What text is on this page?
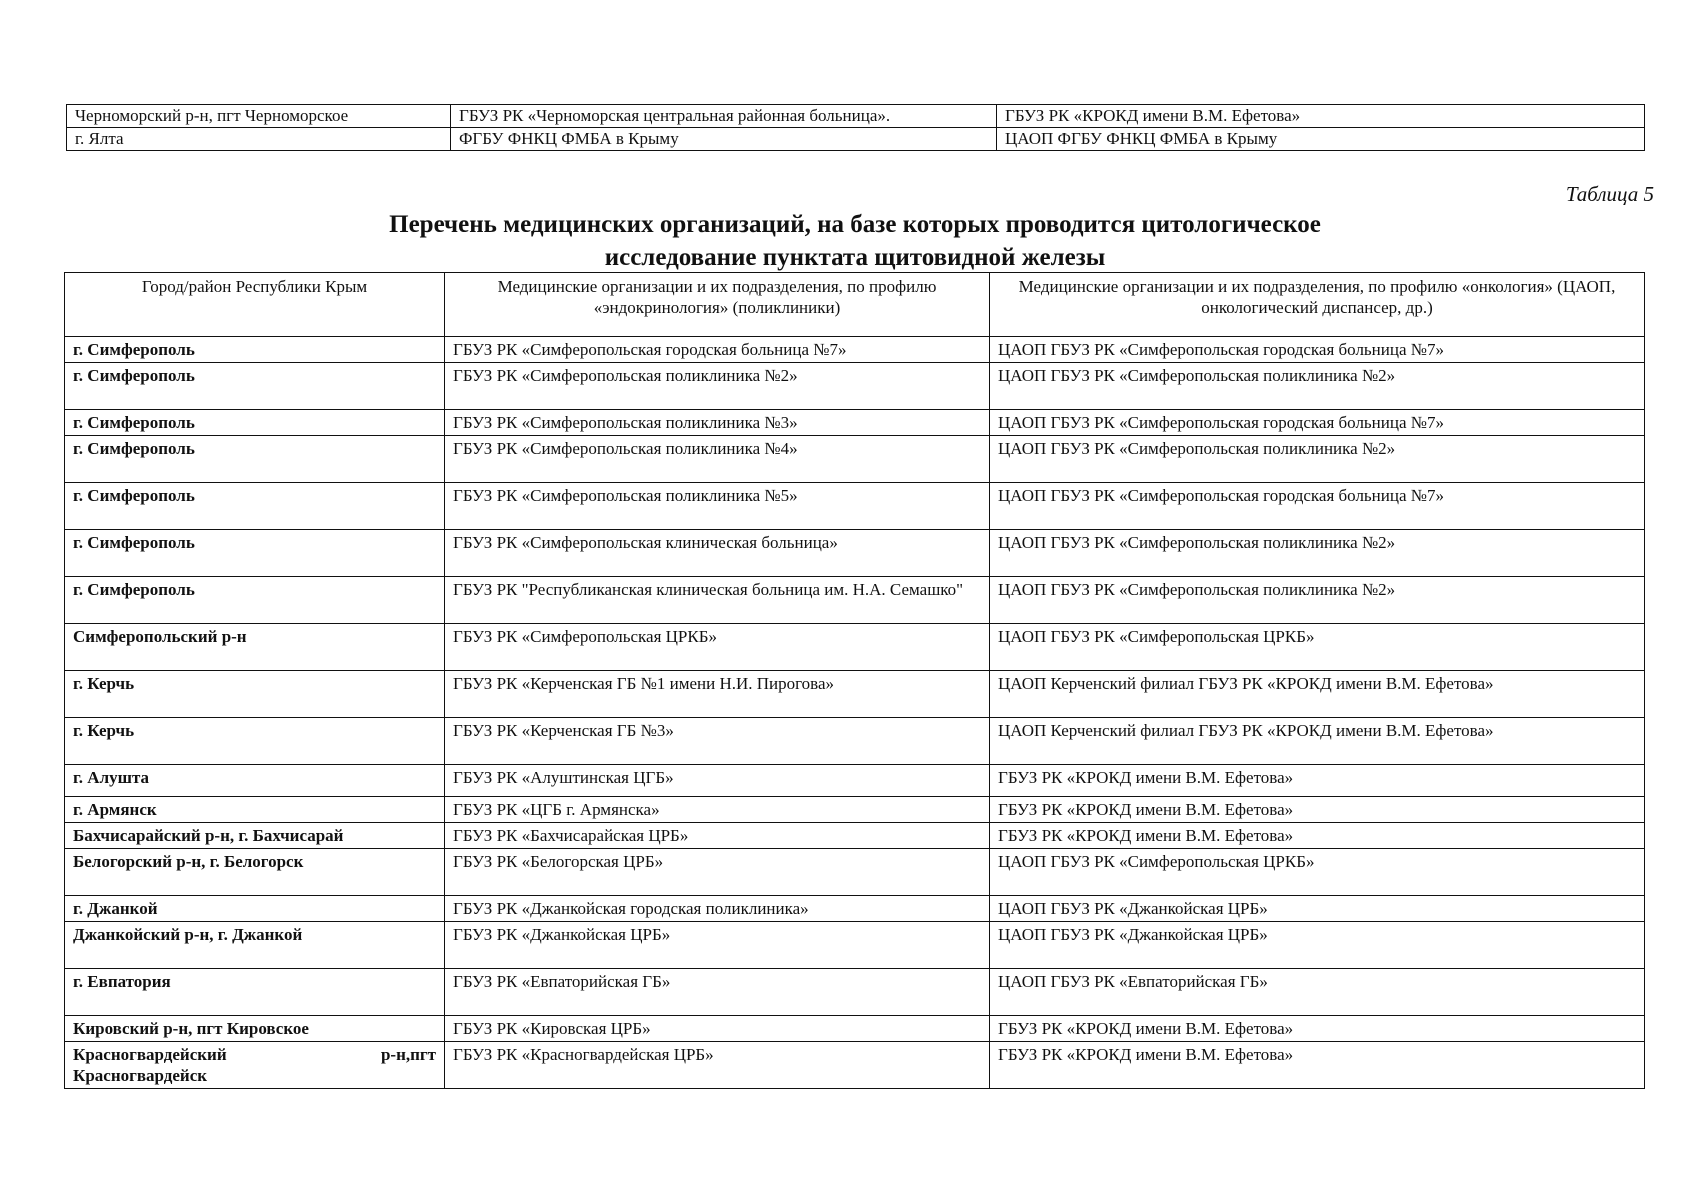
Черноморский р-н, пгт Черноморское	ГБУЗ РК «Черноморская центральная районная больница».	ГБУЗ РК «КРОКД имени В.М. Ефетова»
г. Ялта	ФГБУ ФНКЦ ФМБА в Крыму	ЦАОП ФГБУ ФНКЦ ФМБА в Крыму
Таблица 5
Перечень медицинских организаций, на базе которых проводится цитологическое
исследование пунктата щитовидной железы
Город/район Республики Крым	Медицинские организации и их подразделения, по профилю «эндокринология» (поликлиники)	Медицинские организации и их подразделения, по профилю «онкология» (ЦАОП, онкологический диспансер, др.)
г. Симферополь	ГБУЗ РК «Симферопольская городская больница №7»	ЦАОП ГБУЗ РК «Симферопольская городская больница №7»
г. Симферополь	ГБУЗ РК «Симферопольская поликлиника №2»	ЦАОП ГБУЗ РК «Симферопольская поликлиника №2»
г. Симферополь	ГБУЗ РК «Симферопольская поликлиника №3»	ЦАОП ГБУЗ РК «Симферопольская городская больница №7»
г. Симферополь	ГБУЗ РК «Симферопольская поликлиника №4»	ЦАОП ГБУЗ РК «Симферопольская поликлиника №2»
г. Симферополь	ГБУЗ РК «Симферопольская поликлиника №5»	ЦАОП ГБУЗ РК «Симферопольская городская больница №7»
г. Симферополь	ГБУЗ РК «Симферопольская клиническая больница»	ЦАОП ГБУЗ РК «Симферопольская поликлиника №2»
г. Симферополь	ГБУЗ РК "Республиканская клиническая больница им. Н.А. Семашко"	ЦАОП ГБУЗ РК «Симферопольская поликлиника №2»
Симферопольский р-н	ГБУЗ РК «Симферопольская ЦРКБ»	ЦАОП ГБУЗ РК «Симферопольская ЦРКБ»
г. Керчь	ГБУЗ РК «Керченская ГБ №1 имени Н.И. Пирогова»	ЦАОП Керченский филиал ГБУЗ РК «КРОКД имени В.М. Ефетова»
г. Керчь	ГБУЗ РК «Керченская ГБ №3»	ЦАОП Керченский филиал ГБУЗ РК «КРОКД имени В.М. Ефетова»
г. Алушта	ГБУЗ РК «Алуштинская ЦГБ»	ГБУЗ РК «КРОКД имени В.М. Ефетова»
г. Армянск	ГБУЗ РК «ЦГБ г. Армянска»	ГБУЗ РК «КРОКД имени В.М. Ефетова»
Бахчисарайский р-н, г. Бахчисарай	ГБУЗ РК «Бахчисарайская ЦРБ»	ГБУЗ РК «КРОКД имени В.М. Ефетова»
Белогорский р-н, г. Белогорск	ГБУЗ РК «Белогорская ЦРБ»	ЦАОП ГБУЗ РК «Симферопольская ЦРКБ»
г. Джанкой	ГБУЗ РК «Джанкойская городская поликлиника»	ЦАОП ГБУЗ РК «Джанкойская ЦРБ»
Джанкойский р-н, г. Джанкой	ГБУЗ РК «Джанкойская ЦРБ»	ЦАОП ГБУЗ РК «Джанкойская ЦРБ»
г. Евпатория	ГБУЗ РК «Евпаторийская ГБ»	ЦАОП ГБУЗ РК «Евпаторийская ГБ»
Кировский р-н, пгт Кировское	ГБУЗ РК «Кировская ЦРБ»	ГБУЗ РК «КРОКД имени В.М. Ефетова»

Красногвардейский р-н,пгт
Красногвардейск	ГБУЗ РК «Красногвардейская ЦРБ»	ГБУЗ РК «КРОКД имени В.М. Ефетова»
